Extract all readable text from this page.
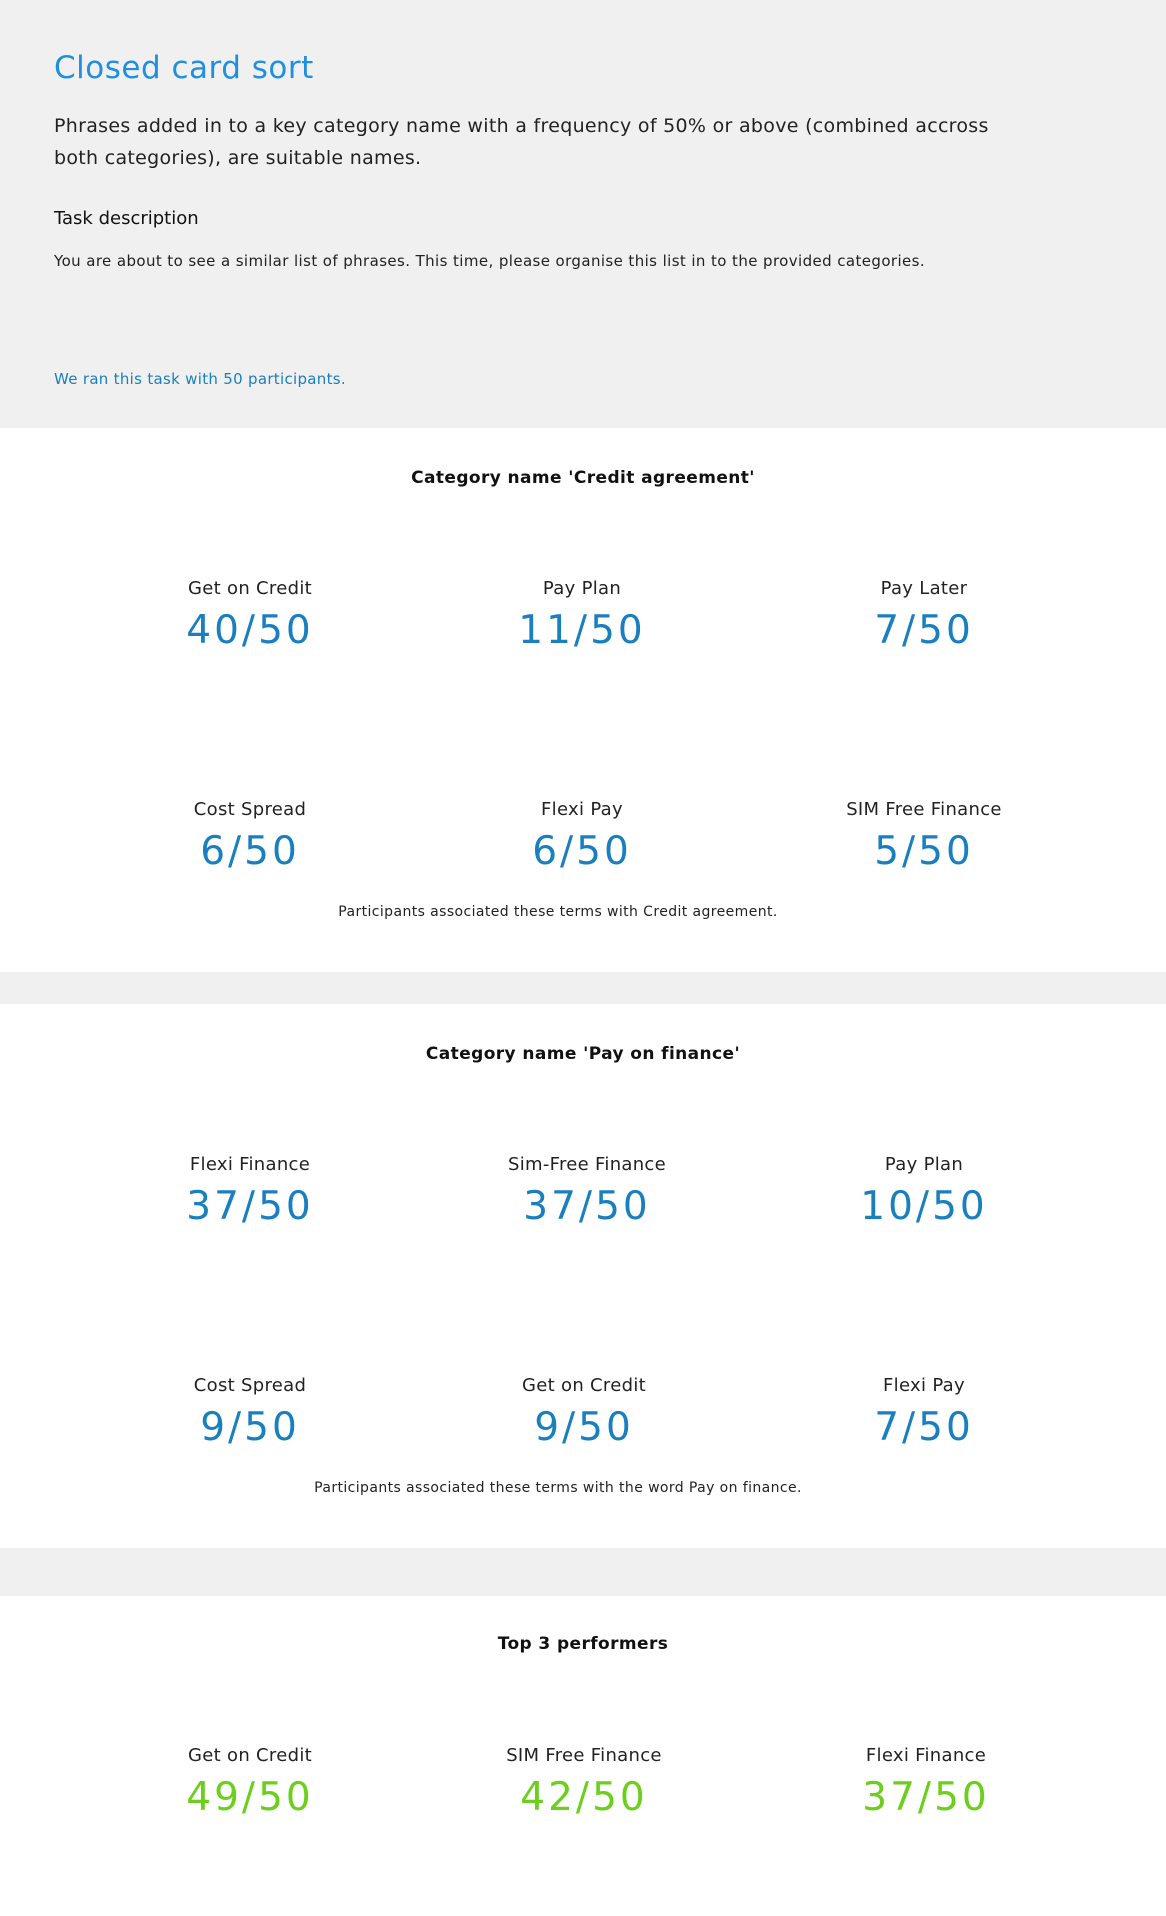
Closed card sort

Phrases added in to a key category name with a frequency of 50% or above (combined accross both categories), are suitable names.

Task description

You are about to see a similar list of phrases. This time, please organise this list in to the provided categories.

We ran this task with 50 participants.

Category name 'Credit agreement'
Get on Credit
40/50
Pay Plan
11/50
Pay Later
7/50
Cost Spread
6/50
Flexi Pay
6/50
SIM Free Finance
5/50

Participants associated these terms with Credit agreement.

Category name 'Pay on finance'
Flexi Finance
37/50
Sim-Free Finance
37/50
Pay Plan
10/50
Cost Spread
9/50
Get on Credit
9/50
Flexi Pay
7/50

Participants associated these terms with the word Pay on finance.

Top 3 performers
Get on Credit
49/50
SIM Free Finance
42/50
Flexi Finance
37/50
